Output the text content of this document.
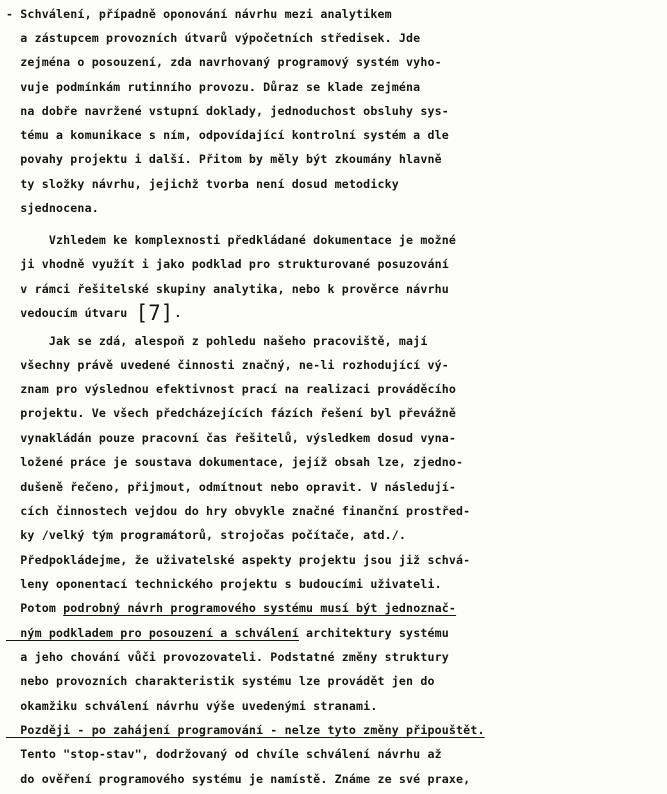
- Schválení, případně oponování návrhu mezi analytikem
a zástupcem provozních útvarů výpočetních středisek. Jde
zejména o posouzení, zda navrhovaný programový systém vyho-
vuje podmínkám rutinního provozu. Důraz se klade zejména
na dobře navržené vstupní doklady, jednoduchost obsluhy sys-
tému a komunikace s ním, odpovídající kontrolní systém a dle
povahy projektu i další. Přitom by měly být zkoumány hlavně
ty složky návrhu, jejichž tvorba není dosud metodicky
sjednocena.
Vzhledem ke komplexnosti předkládané dokumentace je možné
ji vhodně využít i jako podklad pro strukturované posuzování
v rámci řešitelské skupiny analytika, nebo k prověrce návrhu
vedoucím útvaru [7].
Jak se zdá, alespoň z pohledu našeho pracoviště, mají
všechny právě uvedené činnosti značný, ne-li rozhodující vý-
znam pro výslednou efektivnost prací na realizaci prováděcího
projektu. Ve všech předcházejících fázích řešení byl převážně
vynakládán pouze pracovní čas řešitelů, výsledkem dosud vyna-
ložené práce je soustava dokumentace, jejíž obsah lze, zjedno-
dušeně řečeno, přijmout, odmítnout nebo opravit. V následují-
cích činnostech vejdou do hry obvykle značné finanční prostřed-
ky /velký tým programátorů, strojočas počítače, atd./.
Předpokládejme, že uživatelské aspekty projektu jsou již schvá-
leny oponentací technického projektu s budoucími uživateli.
Potom podrobný návrh programového systému musí být jednoznač-
ným podkladem pro posouzení a schválení architektury systému
a jeho chování vůči provozovateli. Podstatné změny struktury
nebo provozních charakteristik systému lze provádět jen do
okamžiku schválení návrhu výše uvedenými stranami.
Později - po zahájení programování - nelze tyto změny připouštět.
Tento "stop-stav", dodržovaný od chvíle schválení návrhu až
do ověření programového systému je namístě. Známe ze své praxe,
